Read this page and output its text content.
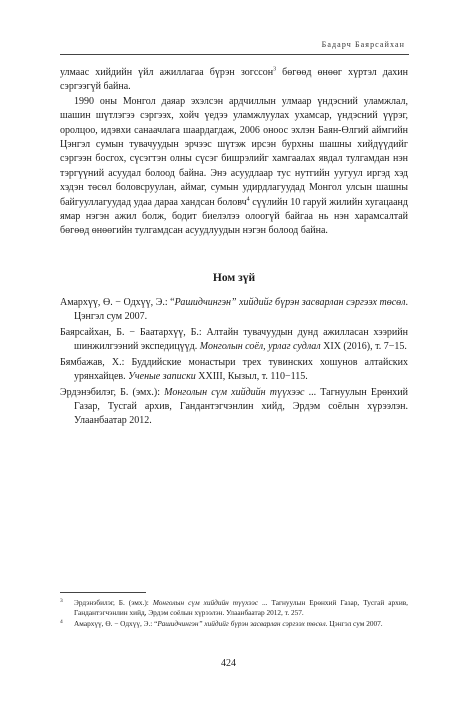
Бадарч Баярсайхан

улмаас хийдийн үйл ажиллагаа бүрэн зогссон$^3$ бөгөөд өнөөг хүртэл дахин сэргээгүй байна.

1990 оны Монгол даяар эхэлсэн ардчиллын улмаар үндэсний уламжлал, шашин шүтлэгээ сэргээх, хойч үедээ уламжлуулах ухамсар, үндэсний үүрэг, оролцоо, идэвхи санаачлага шаардагдаж, 2006 оноос эхлэн Баян-Өлгий аймгийн Цэнгэл сумын тувачуудын эрчээс шүтэж ирсэн бурхны шашны хийдүүдийг сэргээн босгох, сүсэгтэн олны сүсэг бишрэлийг хамгаалах явдал тулгамдан нэн тэргүүний асуудал болоод байна. Энэ асуудлаар тус нутгийн уугуул иргэд хэд хэдэн төсөл боловсруулан, аймаг, сумын удирдлагуудад Монгол улсын шашны байгууллагуудад удаа дараа хандсан боловч$^4$ сүүлийн 10 гаруй жилийн хугацаанд ямар нэгэн ажил болж, бодит биелэлээ олоогүй байгаа нь нэн харамсалтай бөгөөд өнөөгийн тулгамдсан асуудлуудын нэгэн болоод байна.

Ном зүй

Амархүү, Ө. − Одхүү, Э.: “Рашидчингэн” хийдийг бүрэн засварлан сэргээх төсөл. Цэнгэл сум 2007.

Баярсайхан, Б. − Баатархүү, Б.: Алтайн тувачуудын дунд ажилласан хээрийн шинжилгээний экспедицүүд. Монголын соёл, урлаг судлал XIX (2016), т. 7−15.

Бямбажав, Х.: Буддийские монастыри трех тувинских хошунов алтайских урянхайцев. Ученые записки XXIII, Кызыл, т. 110−115.

Эрдэнэбилэг, Б. (эмх.): Монголын сүм хийдийн түүхээс ... Тагнуулын Ерөнхий Газар, Тусгай архив, Гандантэгчэнлин хийд, Эрдэм соёлын хүрээлэн. Улаанбаатар 2012.

3 Эрдэнэбилэг, Б. (эмх.): Монголын сүм хийдийн түүхээс ... Тагнуулын Ерөнхий Газар, Тусгай архив, Гандантэгчэнлин хийд, Эрдэм соёлын хүрээлэн. Улаанбаатар 2012, т. 257.
4 Амархүү, Ө. − Одхүү, Э.: “Рашидчингэн” хийдийг бүрэн засварлан сэргээх төсөл. Цэнгэл сум 2007.
424
